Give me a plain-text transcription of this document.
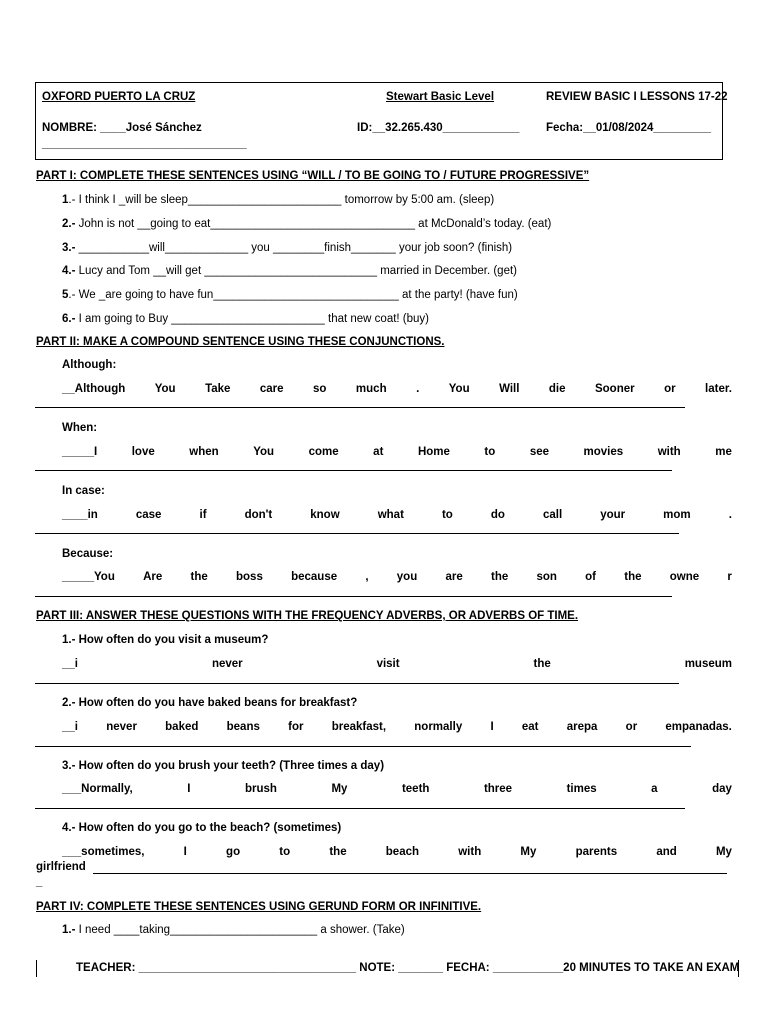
OXFORD PUERTO LA CRUZ	Stewart Basic Level	REVIEW BASIC I LESSONS 17-22
NOMBRE: ____José Sánchez	ID:__32.265.430____________ Fecha:__01/08/2024_________
________________________________
PART I: COMPLETE THESE SENTENCES USING “WILL / TO BE GOING TO / FUTURE PROGRESSIVE”
1.- I think I _will be sleep________________________ tomorrow by 5:00 am. (sleep)
2.- John is not __going to eat________________________________ at McDonald’s today. (eat)
3.- ___________will_____________ you ________finish_______ your job soon? (finish)
4.- Lucy and Tom __will get ___________________________ married in December. (get)
5.- We _are going to have fun_____________________________ at the party! (have fun)
6.- I am going to Buy ________________________ that new coat! (buy)
PART II: MAKE A COMPOUND SENTENCE USING THESE CONJUNCTIONS.
Although:
__Although	You	Take	care	so	much	.	You	Will	die	Sooner	or	later.
When:
_____I	love	when	You	come	at	Home	to	see	movies	with	me
In case:
____in	case	if	don't	know	what	to	do	call	your	mom	.
Because:
_____You Are the boss because , you are the son of the owne r
PART III: ANSWER THESE QUESTIONS WITH THE FREQUENCY ADVERBS, OR ADVERBS OF TIME.
1.- How often do you visit a museum?
__i	never	visit	the	museum
2.- How often do you have baked beans for breakfast?
__i never baked beans for breakfast, normally I eat arepa or empanadas.
3.- How often do you brush your teeth? (Three times a day)
___Normally,	I	brush	My	teeth	three	times	a	day
4.- How often do you go to the beach? (sometimes)
___sometimes,	I	go	to	the	beach	with	My	parents	and	My
girlfriend
_
PART IV: COMPLETE THESE SENTENCES USING GERUND FORM OR INFINITIVE.
1.- I need ____taking_______________________ a shower. (Take)
TEACHER: __________________________________ NOTE: _______ FECHA: ___________20 MINUTES TO TAKE AN EXAM
